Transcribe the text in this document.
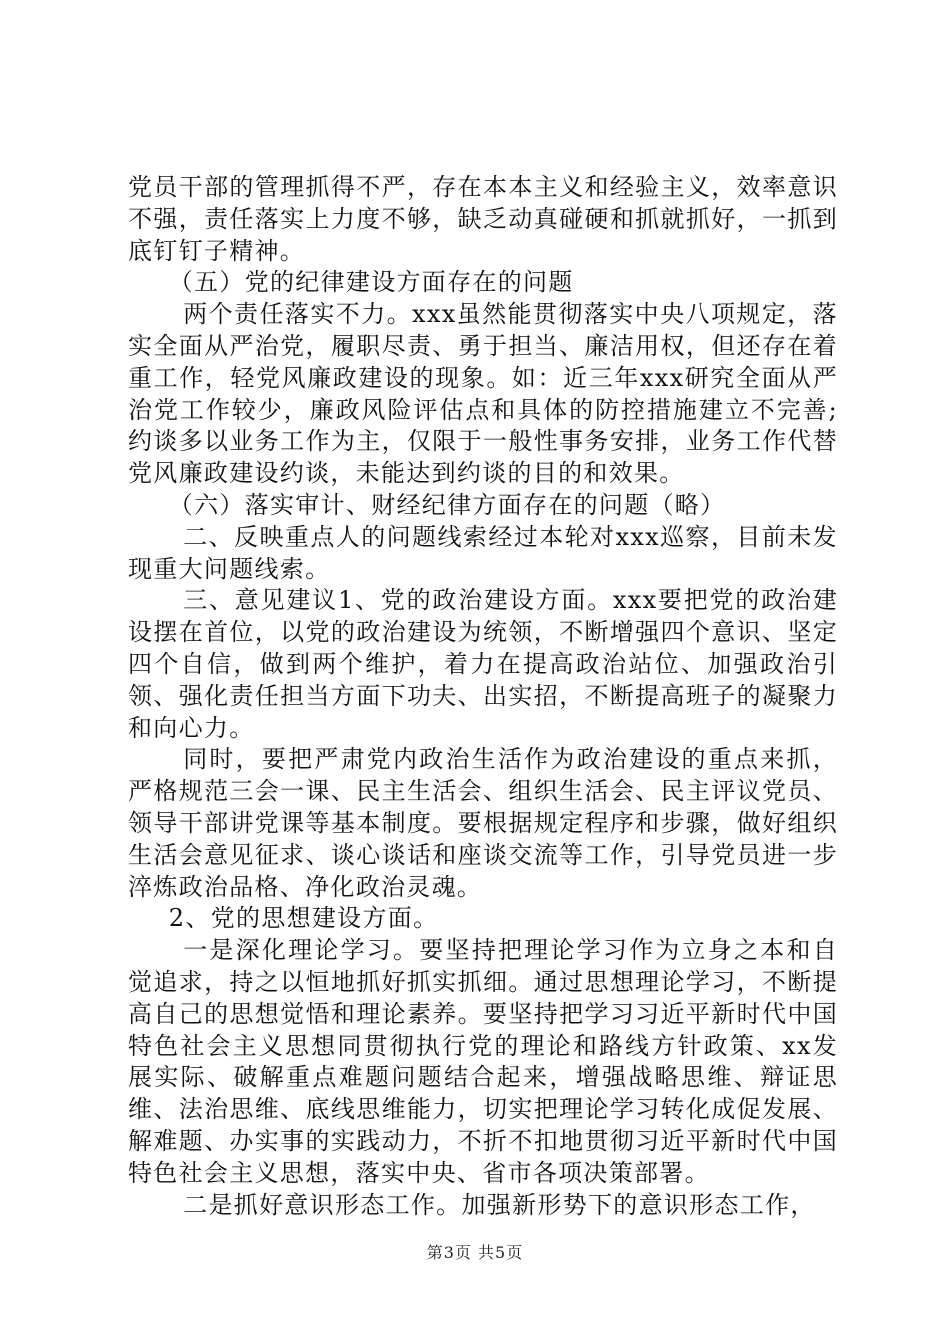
党员干部的管理抓得不严，存在本本主义和经验主义，效率意识不强，责任落实上力度不够，缺乏动真碰硬和抓就抓好，一抓到底钉钉子精神。

（五）党的纪律建设方面存在的问题

两个责任落实不力。xxx虽然能贯彻落实中央八项规定，落实全面从严治党，履职尽责、勇于担当、廉洁用权，但还存在着重工作，轻党风廉政建设的现象。如：近三年xxx研究全面从严治党工作较少，廉政风险评估点和具体的防控措施建立不完善;约谈多以业务工作为主，仅限于一般性事务安排，业务工作代替党风廉政建设约谈，未能达到约谈的目的和效果。

（六）落实审计、财经纪律方面存在的问题（略）

二、反映重点人的问题线索经过本轮对xxx巡察，目前未发现重大问题线索。

三、意见建议1、党的政治建设方面。xxx要把党的政治建设摆在首位，以党的政治建设为统领，不断增强四个意识、坚定四个自信，做到两个维护，着力在提高政治站位、加强政治引领、强化责任担当方面下功夫、出实招，不断提高班子的凝聚力和向心力。

同时，要把严肃党内政治生活作为政治建设的重点来抓，严格规范三会一课、民主生活会、组织生活会、民主评议党员、领导干部讲党课等基本制度。要根据规定程序和步骤，做好组织生活会意见征求、谈心谈话和座谈交流等工作，引导党员进一步淬炼政治品格、净化政治灵魂。

2、党的思想建设方面。

一是深化理论学习。要坚持把理论学习作为立身之本和自觉追求，持之以恒地抓好抓实抓细。通过思想理论学习，不断提高自己的思想觉悟和理论素养。要坚持把学习习近平新时代中国特色社会主义思想同贯彻执行党的理论和路线方针政策、xx发展实际、破解重点难题问题结合起来，增强战略思维、辩证思维、法治思维、底线思维能力，切实把理论学习转化成促发展、解难题、办实事的实践动力，不折不扣地贯彻习近平新时代中国特色社会主义思想，落实中央、省市各项决策部署。

二是抓好意识形态工作。加强新形势下的意识形态工作，

第3页 共5页
